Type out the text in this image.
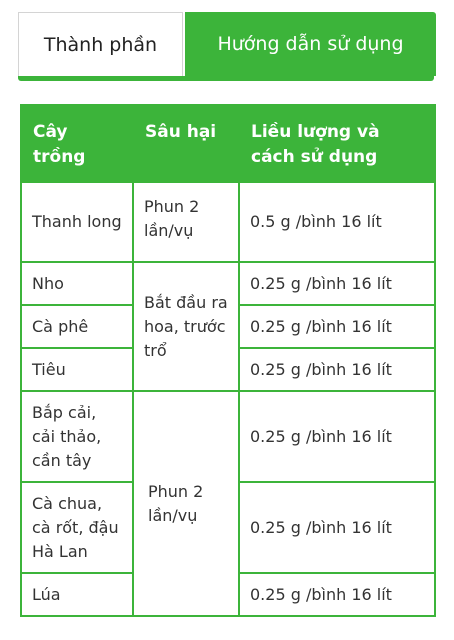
Thành phần	Hướng dẫn sử dụng
Cây trồng	Sâu hại	Liều lượng và cách sử dụng
Thanh long	Phun 2 lần/vụ	0.5 g /bình 16 lít
Nho	Bắt đầu ra hoa, trước trổ	0.25 g /bình 16 lít
Cà phê		0.25 g /bình 16 lít
Tiêu		0.25 g /bình 16 lít
Bắp cải, cải thảo, cần tây	Phun 2 lần/vụ	0.25 g /bình 16 lít
Cà chua, cà rốt, đậu Hà Lan		0.25 g /bình 16 lít
Lúa		0.25 g /bình 16 lít
